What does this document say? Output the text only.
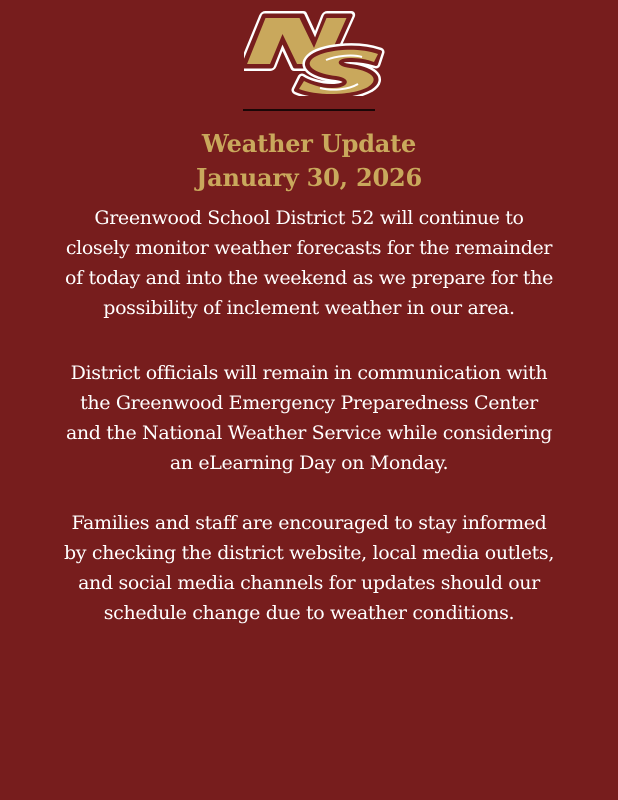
Weather Update
January 30, 2026
Greenwood School District 52 will continue to
closely monitor weather forecasts for the remainder
of today and into the weekend as we prepare for the
possibility of inclement weather in our area.
District officials will remain in communication with
the Greenwood Emergency Preparedness Center
and the National Weather Service while considering
an eLearning Day on Monday.
Families and staff are encouraged to stay informed
by checking the district website, local media outlets,
and social media channels for updates should our
schedule change due to weather conditions.
